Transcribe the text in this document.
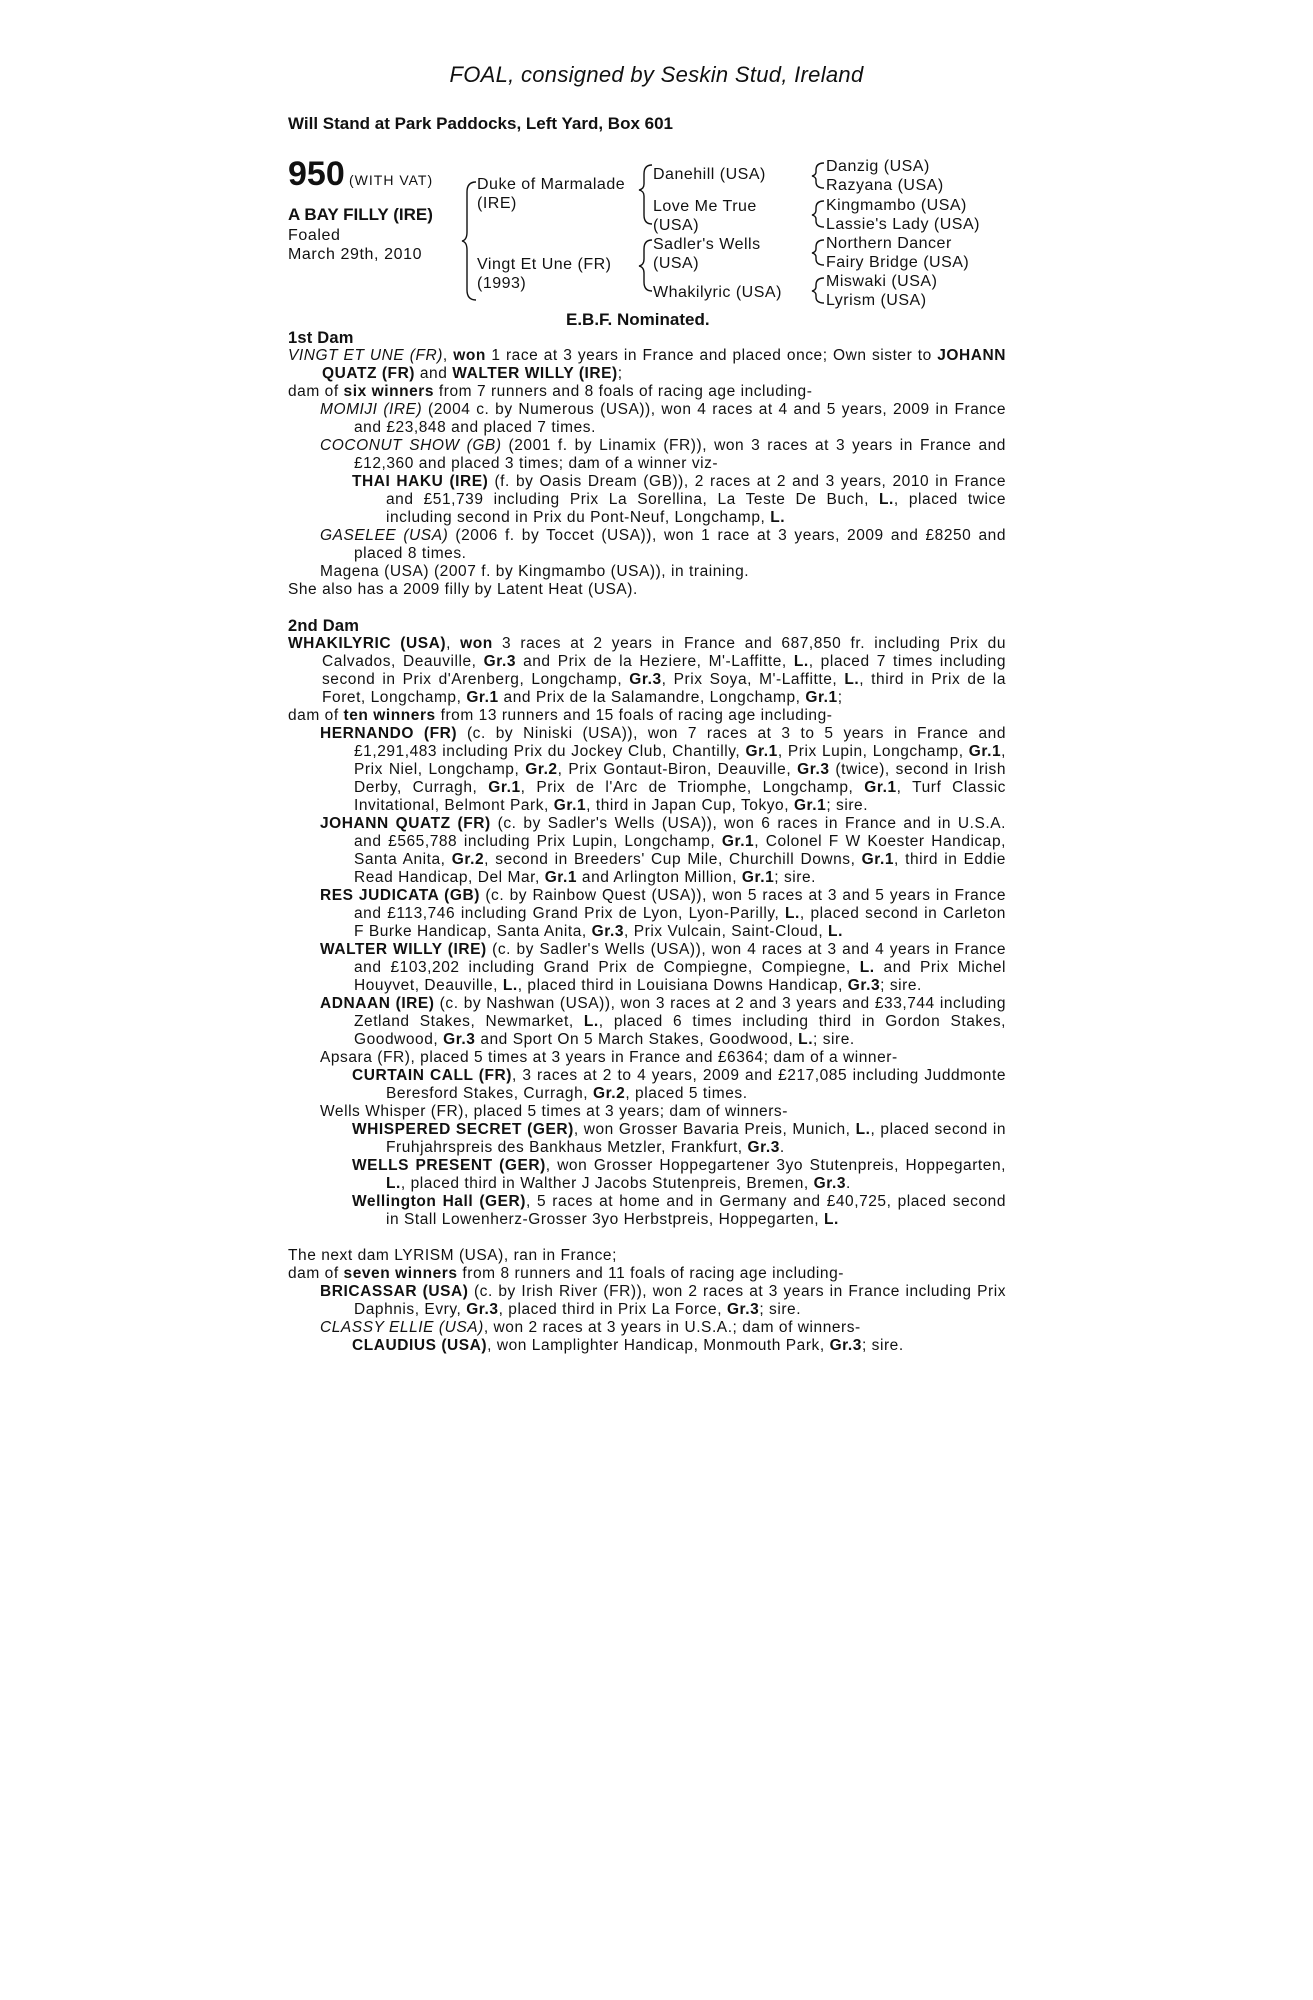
FOAL, consigned by Seskin Stud, Ireland
Will Stand at Park Paddocks, Left Yard, Box 601
950 (WITH VAT)
A BAY FILLY (IRE)
Foaled
March 29th, 2010
Duke of Marmalade
(IRE)
Vingt Et Une (FR)
(1993)
Danehill (USA)
Love Me True
(USA)
Sadler's Wells
(USA)
Whakilyric (USA)
Danzig (USA)
Razyana (USA)
Kingmambo (USA)
Lassie's Lady (USA)
Northern Dancer
Fairy Bridge (USA)
Miswaki (USA)
Lyrism (USA)
E.B.F. Nominated.

1st Dam

VINGT ET UNE (FR), won 1 race at 3 years in France and placed once; Own sister to JOHANN QUATZ (FR) and WALTER WILLY (IRE);

dam of six winners from 7 runners and 8 foals of racing age including-

MOMIJI (IRE) (2004 c. by Numerous (USA)), won 4 races at 4 and 5 years, 2009 in France and £23,848 and placed 7 times.

COCONUT SHOW (GB) (2001 f. by Linamix (FR)), won 3 races at 3 years in France and £12,360 and placed 3 times; dam of a winner viz-

THAI HAKU (IRE) (f. by Oasis Dream (GB)), 2 races at 2 and 3 years, 2010 in France and £51,739 including Prix La Sorellina, La Teste De Buch, L., placed twice including second in Prix du Pont-Neuf, Longchamp, L.

GASELEE (USA) (2006 f. by Toccet (USA)), won 1 race at 3 years, 2009 and £8250 and placed 8 times.

Magena (USA) (2007 f. by Kingmambo (USA)), in training.

She also has a 2009 filly by Latent Heat (USA).

2nd Dam

WHAKILYRIC (USA), won 3 races at 2 years in France and 687,850 fr. including Prix du Calvados, Deauville, Gr.3 and Prix de la Heziere, M'-Laffitte, L., placed 7 times including second in Prix d'Arenberg, Longchamp, Gr.3, Prix Soya, M'-Laffitte, L., third in Prix de la Foret, Longchamp, Gr.1 and Prix de la Salamandre, Longchamp, Gr.1;

dam of ten winners from 13 runners and 15 foals of racing age including-

HERNANDO (FR) (c. by Niniski (USA)), won 7 races at 3 to 5 years in France and £1,291,483 including Prix du Jockey Club, Chantilly, Gr.1, Prix Lupin, Longchamp, Gr.1, Prix Niel, Longchamp, Gr.2, Prix Gontaut-Biron, Deauville, Gr.3 (twice), second in Irish Derby, Curragh, Gr.1, Prix de l'Arc de Triomphe, Longchamp, Gr.1, Turf Classic Invitational, Belmont Park, Gr.1, third in Japan Cup, Tokyo, Gr.1; sire.

JOHANN QUATZ (FR) (c. by Sadler's Wells (USA)), won 6 races in France and in U.S.A. and £565,788 including Prix Lupin, Longchamp, Gr.1, Colonel F W Koester Handicap, Santa Anita, Gr.2, second in Breeders' Cup Mile, Churchill Downs, Gr.1, third in Eddie Read Handicap, Del Mar, Gr.1 and Arlington Million, Gr.1; sire.

RES JUDICATA (GB) (c. by Rainbow Quest (USA)), won 5 races at 3 and 5 years in France and £113,746 including Grand Prix de Lyon, Lyon-Parilly, L., placed second in Carleton F Burke Handicap, Santa Anita, Gr.3, Prix Vulcain, Saint-Cloud, L.

WALTER WILLY (IRE) (c. by Sadler's Wells (USA)), won 4 races at 3 and 4 years in France and £103,202 including Grand Prix de Compiegne, Compiegne, L. and Prix Michel Houyvet, Deauville, L., placed third in Louisiana Downs Handicap, Gr.3; sire.

ADNAAN (IRE) (c. by Nashwan (USA)), won 3 races at 2 and 3 years and £33,744 including Zetland Stakes, Newmarket, L., placed 6 times including third in Gordon Stakes, Goodwood, Gr.3 and Sport On 5 March Stakes, Goodwood, L.; sire.

Apsara (FR), placed 5 times at 3 years in France and £6364; dam of a winner-

CURTAIN CALL (FR), 3 races at 2 to 4 years, 2009 and £217,085 including Juddmonte Beresford Stakes, Curragh, Gr.2, placed 5 times.

Wells Whisper (FR), placed 5 times at 3 years; dam of winners-

WHISPERED SECRET (GER), won Grosser Bavaria Preis, Munich, L., placed second in Fruhjahrspreis des Bankhaus Metzler, Frankfurt, Gr.3.

WELLS PRESENT (GER), won Grosser Hoppegartener 3yo Stutenpreis, Hoppegarten, L., placed third in Walther J Jacobs Stutenpreis, Bremen, Gr.3.

Wellington Hall (GER), 5 races at home and in Germany and £40,725, placed second in Stall Lowenherz-Grosser 3yo Herbstpreis, Hoppegarten, L.

The next dam LYRISM (USA), ran in France;

dam of seven winners from 8 runners and 11 foals of racing age including-

BRICASSAR (USA) (c. by Irish River (FR)), won 2 races at 3 years in France including Prix Daphnis, Evry, Gr.3, placed third in Prix La Force, Gr.3; sire.

CLASSY ELLIE (USA), won 2 races at 3 years in U.S.A.; dam of winners-

CLAUDIUS (USA), won Lamplighter Handicap, Monmouth Park, Gr.3; sire.
